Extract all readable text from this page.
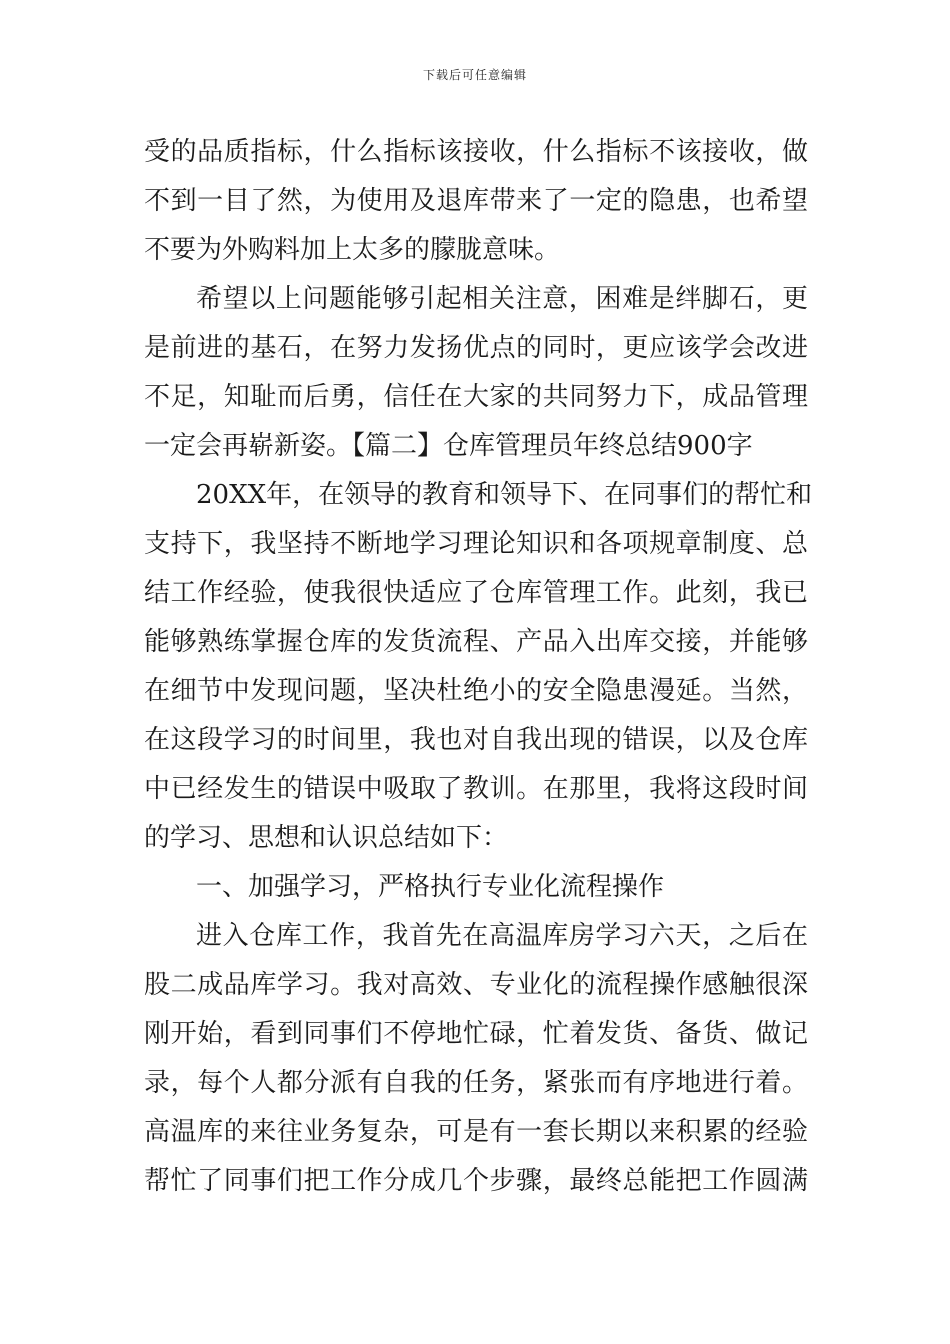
下载后可任意编辑
受的品质指标，什么指标该接收，什么指标不该接收，做
不到一目了然，为使用及退库带来了一定的隐患，也希望
不要为外购料加上太多的朦胧意味。
希望以上问题能够引起相关注意，困难是绊脚石，更
是前进的基石，在努力发扬优点的同时，更应该学会改进
不足，知耻而后勇，信任在大家的共同努力下，成品管理
一定会再崭新姿。【篇二】仓库管理员年终总结900字
20XX年，在领导的教育和领导下、在同事们的帮忙和
支持下，我坚持不断地学习理论知识和各项规章制度、总
结工作经验，使我很快适应了仓库管理工作。此刻，我已
能够熟练掌握仓库的发货流程、产品入出库交接，并能够
在细节中发现问题，坚决杜绝小的安全隐患漫延。当然，
在这段学习的时间里，我也对自我出现的错误，以及仓库
中已经发生的错误中吸取了教训。在那里，我将这段时间
的学习、思想和认识总结如下：
一、加强学习，严格执行专业化流程操作
进入仓库工作，我首先在高温库房学习六天，之后在
股二成品库学习。我对高效、专业化的流程操作感触很深
刚开始，看到同事们不停地忙碌，忙着发货、备货、做记
录，每个人都分派有自我的任务，紧张而有序地进行着。
高温库的来往业务复杂，可是有一套长期以来积累的经验
帮忙了同事们把工作分成几个步骤，最终总能把工作圆满
